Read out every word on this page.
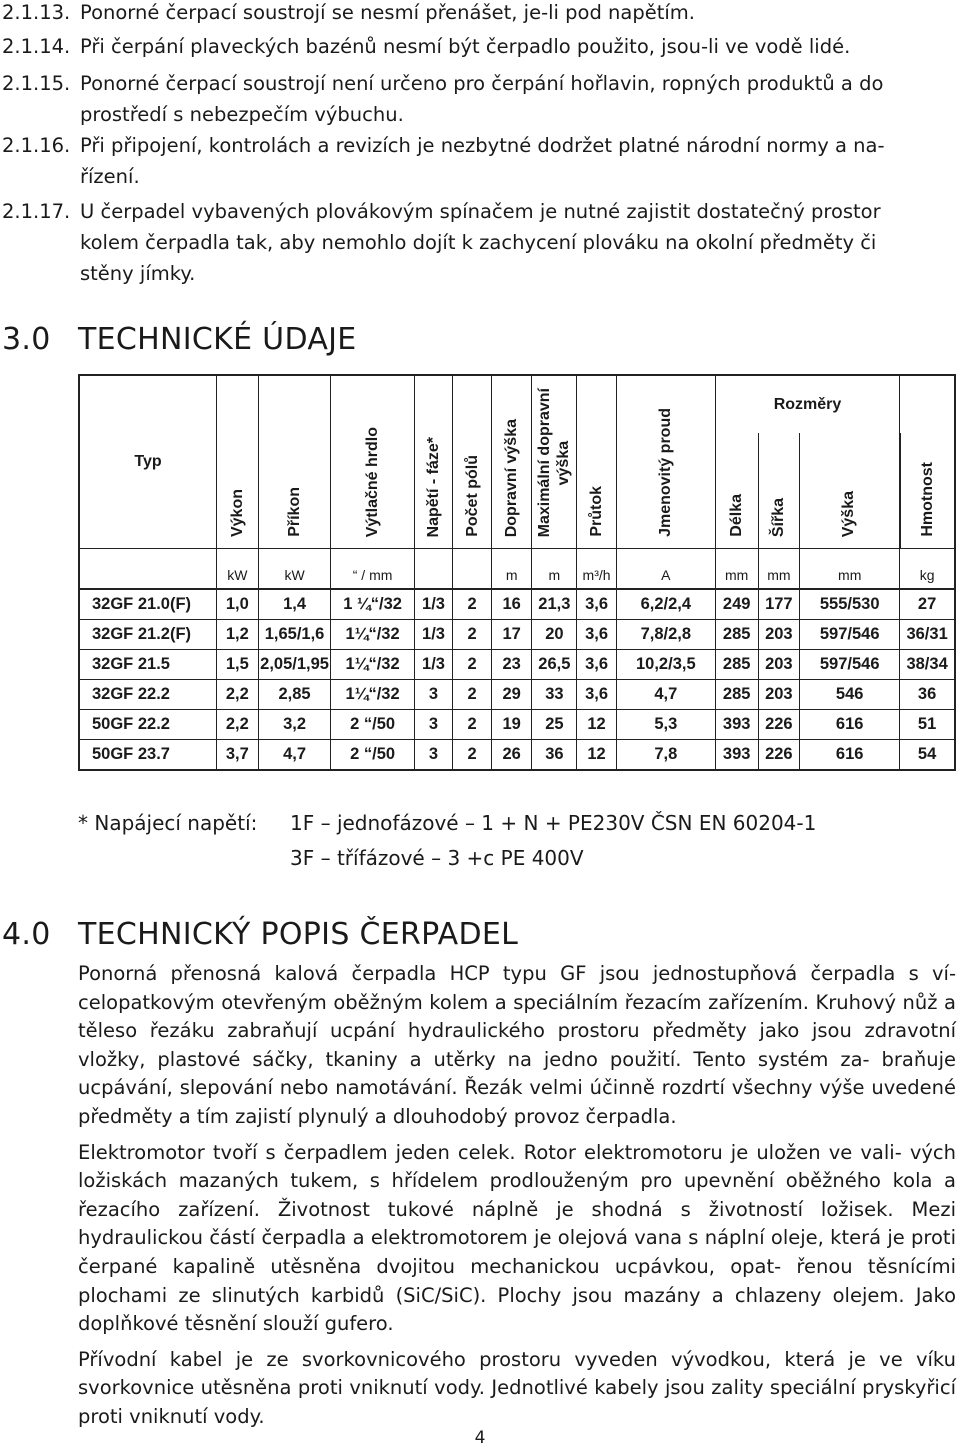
2.1.13. Ponorné čerpací soustrojí se nesmí přenášet, je-li pod napětím.
2.1.14. Při čerpání plaveckých bazénů nesmí být čerpadlo použito, jsou-li ve vodě lidé.
2.1.15. Ponorné čerpací soustrojí není určeno pro čerpání hořlavin, ropných produktů a do
prostředí s nebezpečím výbuchu.
2.1.16. Při připojení, kontrolách a revizích je nezbytné dodržet platné národní normy a na-
řízení.
2.1.17. U čerpadel vybavených plovákovým spínačem je nutné zajistit dostatečný prostor
kolem čerpadla tak, aby nemohlo dojít k zachycení plováku na okolní předměty či
stěny jímky.
3.0 TECHNICKÉ ÚDAJE
Typ	Výkon	Příkon	Výtlačné hrdlo	Napětí - fáze*	Počet pólů	Dopravní výška	Maximální dopravní výška	Průtok	Jmenovitý proud	Rozměry			Hmotnost
										Délka	Šířka	Výška	
	kW	kW	“ / mm			m	m	m³/h	A	mm	mm	mm	kg
32GF 21.0(F)	1,0	1,4	1 ¼“/32	1/3	2	16	21,3	3,6	6,2/2,4	249	177	555/530	27
32GF 21.2(F)	1,2	1,65/1,6	1¼“/32	1/3	2	17	20	3,6	7,8/2,8	285	203	597/546	36/31
32GF 21.5	1,5	2,05/1,95	1¼“/32	1/3	2	23	26,5	3,6	10,2/3,5	285	203	597/546	38/34
32GF 22.2	2,2	2,85	1¼“/32	3	2	29	33	3,6	4,7	285	203	546	36
50GF 22.2	2,2	3,2	2 “/50	3	2	19	25	12	5,3	393	226	616	51
50GF 23.7	3,7	4,7	2 “/50	3	2	26	36	12	7,8	393	226	616	54
* Napájecí napětí: 1F – jednofázové – 1 + N + PE230V ČSN EN 60204-1
3F – třífázové – 3 +c PE 400V
4.0 TECHNICKÝ POPIS ČERPADEL

Ponorná přenosná kalová čerpadla HCP typu GF jsou jednostupňová čerpadla s ví- celopatkovým otevřeným oběžným kolem a speciálním řezacím zařízením. Kruhový nůž a těleso řezáku zabraňují ucpání hydraulického prostoru předměty jako jsou zdravotní vložky, plastové sáčky, tkaniny a utěrky na jedno použití. Tento systém za- braňuje ucpávání, slepování nebo namotávání. Řezák velmi účinně rozdrtí všechny výše uvedené předměty a tím zajistí plynulý a dlouhodobý provoz čerpadla.

Elektromotor tvoří s čerpadlem jeden celek. Rotor elektromotoru je uložen ve vali- vých ložiskách mazaných tukem, s hřídelem prodlouženým pro upevnění oběžného kola a řezacího zařízení. Životnost tukové náplně je shodná s životností ložisek. Mezi hydraulickou částí čerpadla a elektromotorem je olejová vana s náplní oleje, která je proti čerpané kapalině utěsněna dvojitou mechanickou ucpávkou, opat- řenou těsnícími plochami ze slinutých karbidů (SiC/SiC). Plochy jsou mazány a chlazeny olejem. Jako doplňkové těsnění slouží gufero.

Přívodní kabel je ze svorkovnicového prostoru vyveden vývodkou, která je ve víku svorkovnice utěsněna proti vniknutí vody. Jednotlivé kabely jsou zality speciální pryskyřicí proti vniknutí vody.

4
